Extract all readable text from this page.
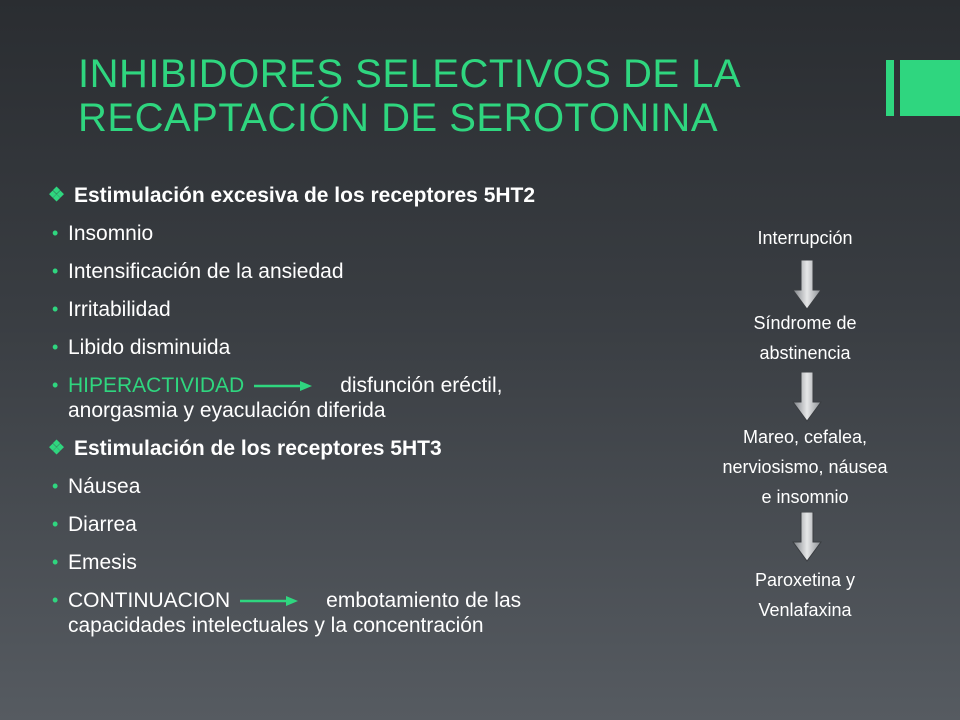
INHIBIDORES SELECTIVOS DE LA
RECAPTACIÓN DE SEROTONINA
❖ Estimulación excesiva de los receptores 5HT2
• Insomnio
• Intensificación de la ansiedad
• Irritabilidad
• Libido disminuida
• HIPERACTIVIDAD	disfunción eréctil,
anorgasmia y eyaculación diferida
❖ Estimulación de los receptores 5HT3
• Náusea
• Diarrea
• Emesis
• CONTINUACION	embotamiento de las
capacidades intelectuales y la concentración
Interrupción
Síndrome de
abstinencia
Mareo, cefalea,
nerviosismo, náusea
e insomnio
Paroxetina y
Venlafaxina
